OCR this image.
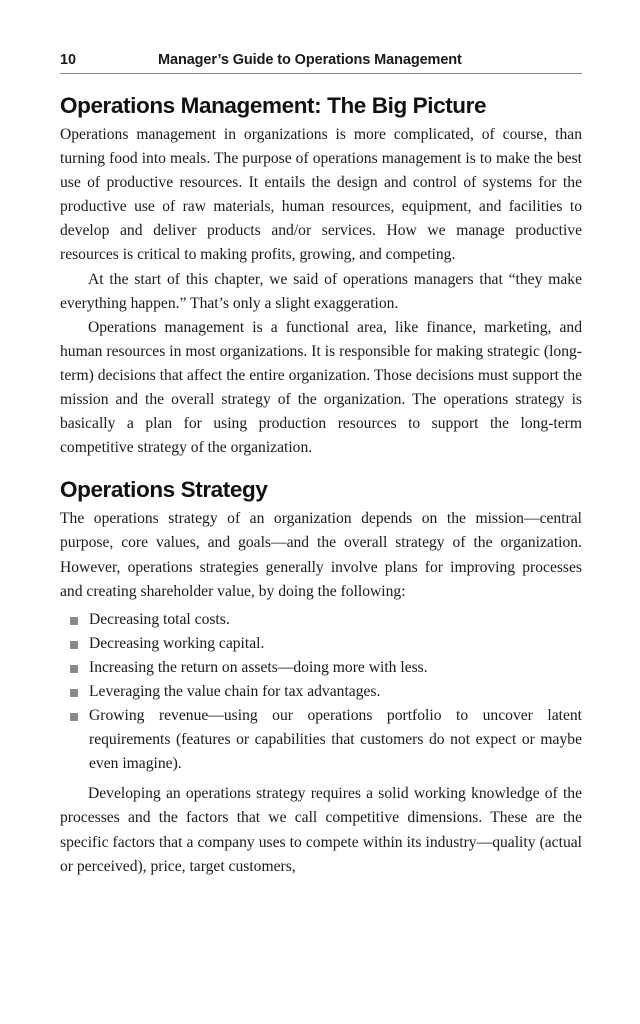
10	Manager’s Guide to Operations Management
Operations Management: The Big Picture

Operations management in organizations is more complicated, of course, than turning food into meals. The purpose of operations management is to make the best use of productive resources. It entails the design and control of systems for the productive use of raw materials, human resources, equipment, and facilities to develop and deliver products and/or services. How we manage productive resources is critical to making profits, growing, and competing.

At the start of this chapter, we said of operations managers that “they make everything happen.” That’s only a slight exaggeration.

Operations management is a functional area, like finance, marketing, and human resources in most organizations. It is responsible for making strategic (long-term) decisions that affect the entire organization. Those decisions must support the mission and the overall strategy of the organization. The operations strategy is basically a plan for using production resources to support the long-term competitive strategy of the organization.

Operations Strategy

The operations strategy of an organization depends on the mission—central purpose, core values, and goals—and the overall strategy of the organization. However, operations strategies generally involve plans for improving processes and creating shareholder value, by doing the following:

Decreasing total costs.
Decreasing working capital.
Increasing the return on assets—doing more with less.
Leveraging the value chain for tax advantages.
Growing revenue—using our operations portfolio to uncover latent requirements (features or capabilities that customers do not expect or maybe even imagine).

Developing an operations strategy requires a solid working knowledge of the processes and the factors that we call competitive dimensions. These are the specific factors that a company uses to compete within its industry—quality (actual or perceived), price, target customers,
